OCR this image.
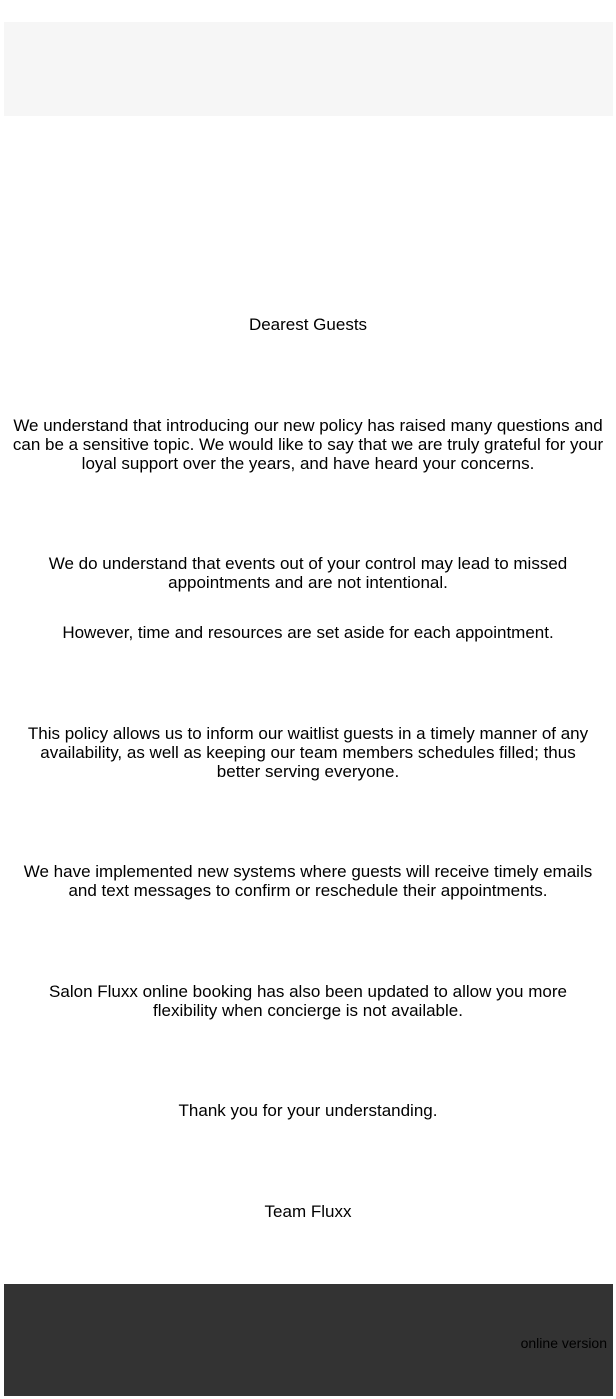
Dearest Guests
We understand that introducing our new policy has raised many questions and can be a sensitive topic. We would like to say that we are truly grateful for your loyal support over the years, and have heard your concerns.
We do understand that events out of your control may lead to missed appointments and are not intentional.
However, time and resources are set aside for each appointment.
This policy allows us to inform our waitlist guests in a timely manner of any availability, as well as keeping our team members schedules filled; thus better serving everyone.
We have implemented new systems where guests will receive timely emails and text messages to confirm or reschedule their appointments.
Salon Fluxx online booking has also been updated to allow you more flexibility when concierge is not available.
Thank you for your understanding.
Team Fluxx
online version
